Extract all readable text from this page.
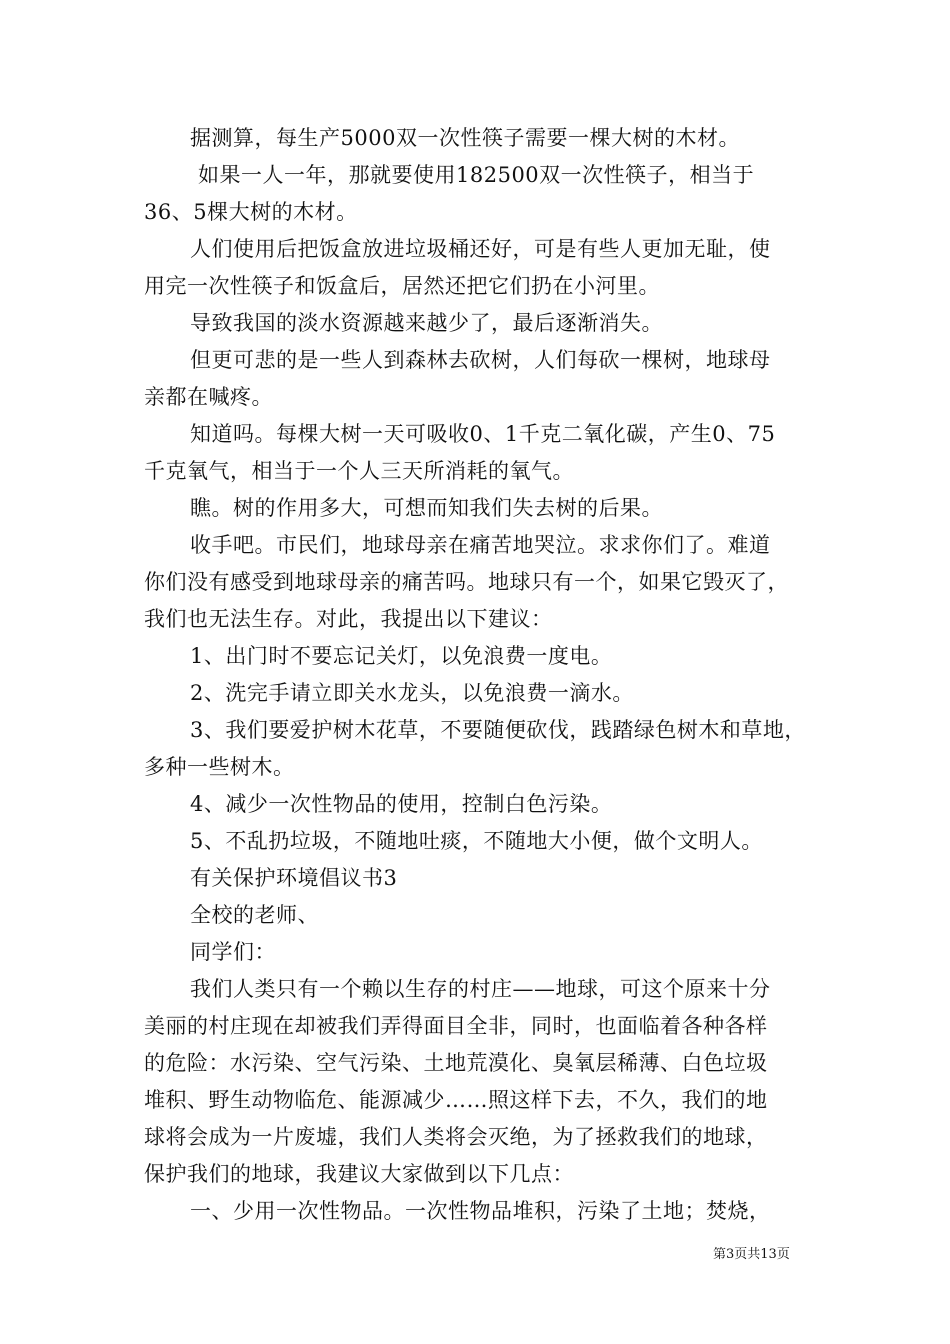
据测算，每生产5000双一次性筷子需要一棵大树的木材。
如果一人一年，那就要使用182500双一次性筷子，相当于
36、5棵大树的木材。
人们使用后把饭盒放进垃圾桶还好，可是有些人更加无耻，使
用完一次性筷子和饭盒后，居然还把它们扔在小河里。
导致我国的淡水资源越来越少了，最后逐渐消失。
但更可悲的是一些人到森林去砍树，人们每砍一棵树，地球母
亲都在喊疼。
知道吗。每棵大树一天可吸收0、1千克二氧化碳，产生0、75
千克氧气，相当于一个人三天所消耗的氧气。
瞧。树的作用多大，可想而知我们失去树的后果。
收手吧。市民们，地球母亲在痛苦地哭泣。求求你们了。难道
你们没有感受到地球母亲的痛苦吗。地球只有一个，如果它毁灭了，
我们也无法生存。对此，我提出以下建议：
1、出门时不要忘记关灯，以免浪费一度电。
2、洗完手请立即关水龙头，以免浪费一滴水。
3、我们要爱护树木花草，不要随便砍伐，践踏绿色树木和草地，
多种一些树木。
4、减少一次性物品的使用，控制白色污染。
5、不乱扔垃圾，不随地吐痰，不随地大小便，做个文明人。
有关保护环境倡议书3
全校的老师、
同学们：
我们人类只有一个赖以生存的村庄——地球，可这个原来十分
美丽的村庄现在却被我们弄得面目全非，同时，也面临着各种各样
的危险：水污染、空气污染、土地荒漠化、臭氧层稀薄、白色垃圾
堆积、野生动物临危、能源减少……照这样下去，不久，我们的地
球将会成为一片废墟，我们人类将会灭绝，为了拯救我们的地球，
保护我们的地球，我建议大家做到以下几点：
一、少用一次性物品。一次性物品堆积，污染了土地；焚烧，
第3页共13页
